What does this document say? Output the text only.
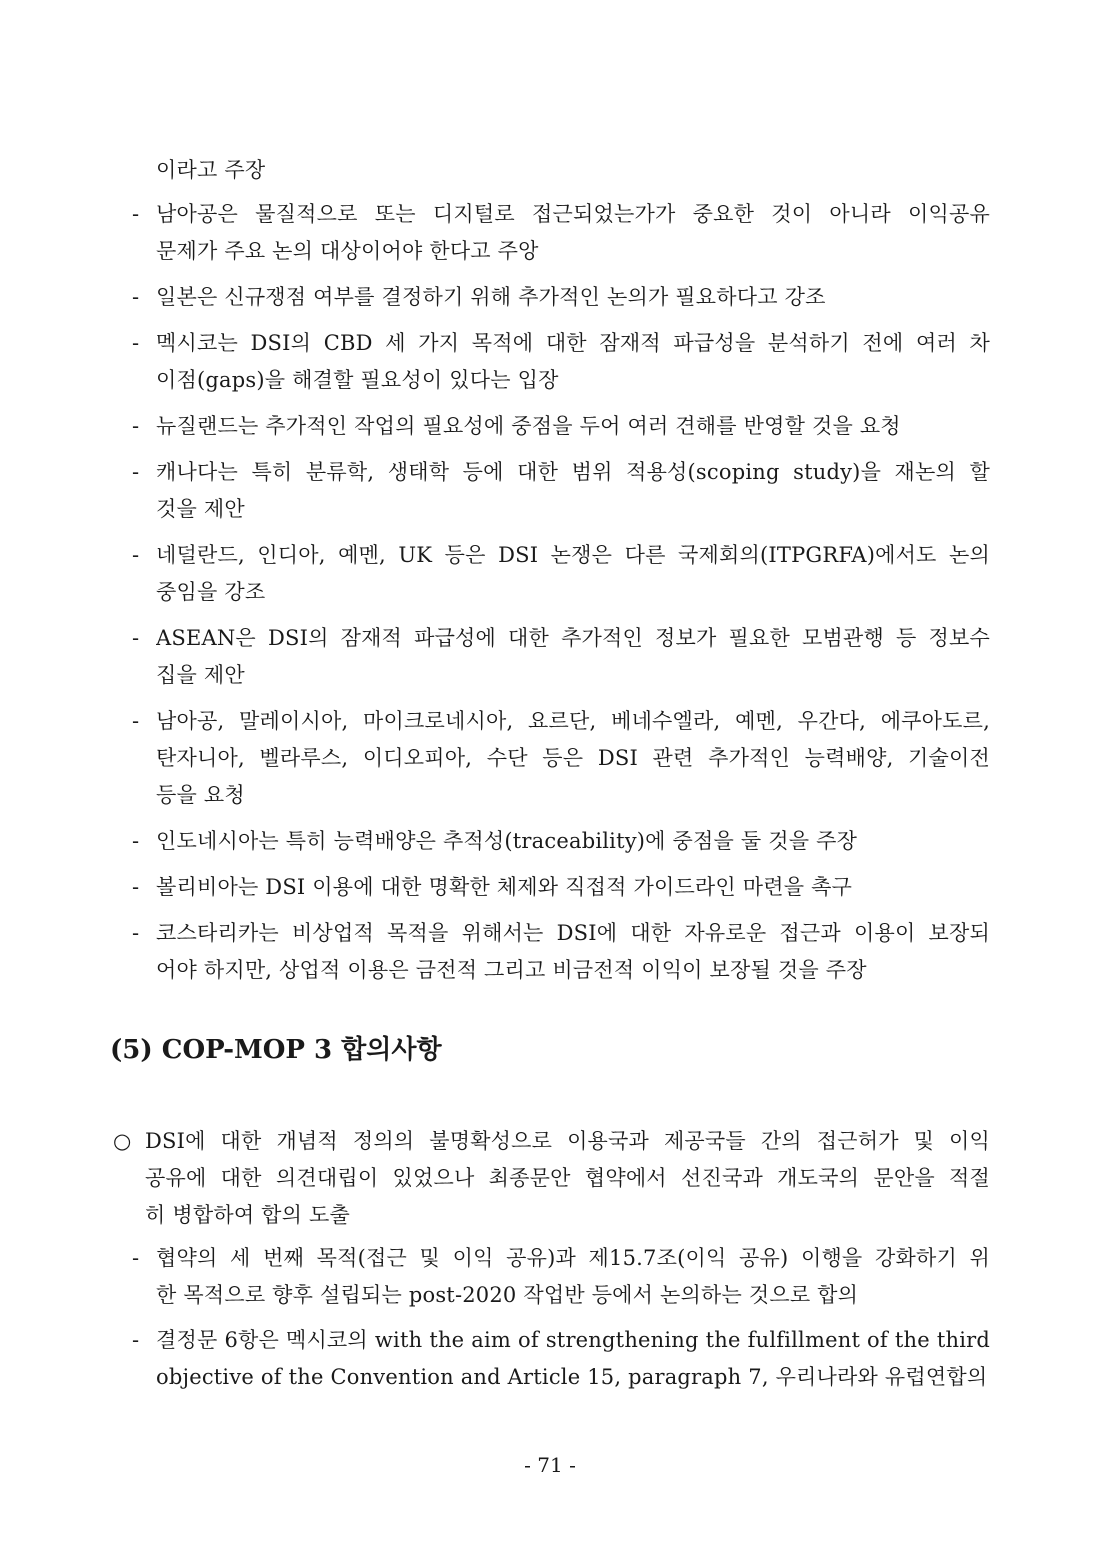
이라고 주장
- 남아공은 물질적으로 또는 디지털로 접근되었는가가 중요한 것이 아니라 이익공유
문제가 주요 논의 대상이어야 한다고 주앙
- 일본은 신규쟁점 여부를 결정하기 위해 추가적인 논의가 필요하다고 강조
- 멕시코는 DSI의 CBD 세 가지 목적에 대한 잠재적 파급성을 분석하기 전에 여러 차
이점(gaps)을 해결할 필요성이 있다는 입장
- 뉴질랜드는 추가적인 작업의 필요성에 중점을 두어 여러 견해를 반영할 것을 요청
- 캐나다는 특히 분류학, 생태학 등에 대한 범위 적용성(scoping study)을 재논의 할
것을 제안
- 네덜란드, 인디아, 예멘, UK 등은 DSI 논쟁은 다른 국제회의(ITPGRFA)에서도 논의
중임을 강조
- ASEAN은 DSI의 잠재적 파급성에 대한 추가적인 정보가 필요한 모범관행 등 정보수
집을 제안
- 남아공, 말레이시아, 마이크로네시아, 요르단, 베네수엘라, 예멘, 우간다, 에쿠아도르,
탄자니아, 벨라루스, 이디오피아, 수단 등은 DSI 관련 추가적인 능력배양, 기술이전
등을 요청
- 인도네시아는 특히 능력배양은 추적성(traceability)에 중점을 둘 것을 주장
- 볼리비아는 DSI 이용에 대한 명확한 체제와 직접적 가이드라인 마련을 촉구
- 코스타리카는 비상업적 목적을 위해서는 DSI에 대한 자유로운 접근과 이용이 보장되
어야 하지만, 상업적 이용은 금전적 그리고 비금전적 이익이 보장될 것을 주장
(5) COP-MOP 3 합의사항
○ DSI에 대한 개념적 정의의 불명확성으로 이용국과 제공국들 간의 접근허가 및 이익
공유에 대한 의견대립이 있었으나 최종문안 협약에서 선진국과 개도국의 문안을 적절
히 병합하여 합의 도출
- 협약의 세 번째 목적(접근 및 이익 공유)과 제15.7조(이익 공유) 이행을 강화하기 위
한 목적으로 향후 설립되는 post-2020 작업반 등에서 논의하는 것으로 합의
- 결정문 6항은 멕시코의 with the aim of strengthening the fulfillment of the third
objective of the Convention and Article 15, paragraph 7, 우리나라와 유럽연합의
- 71 -
